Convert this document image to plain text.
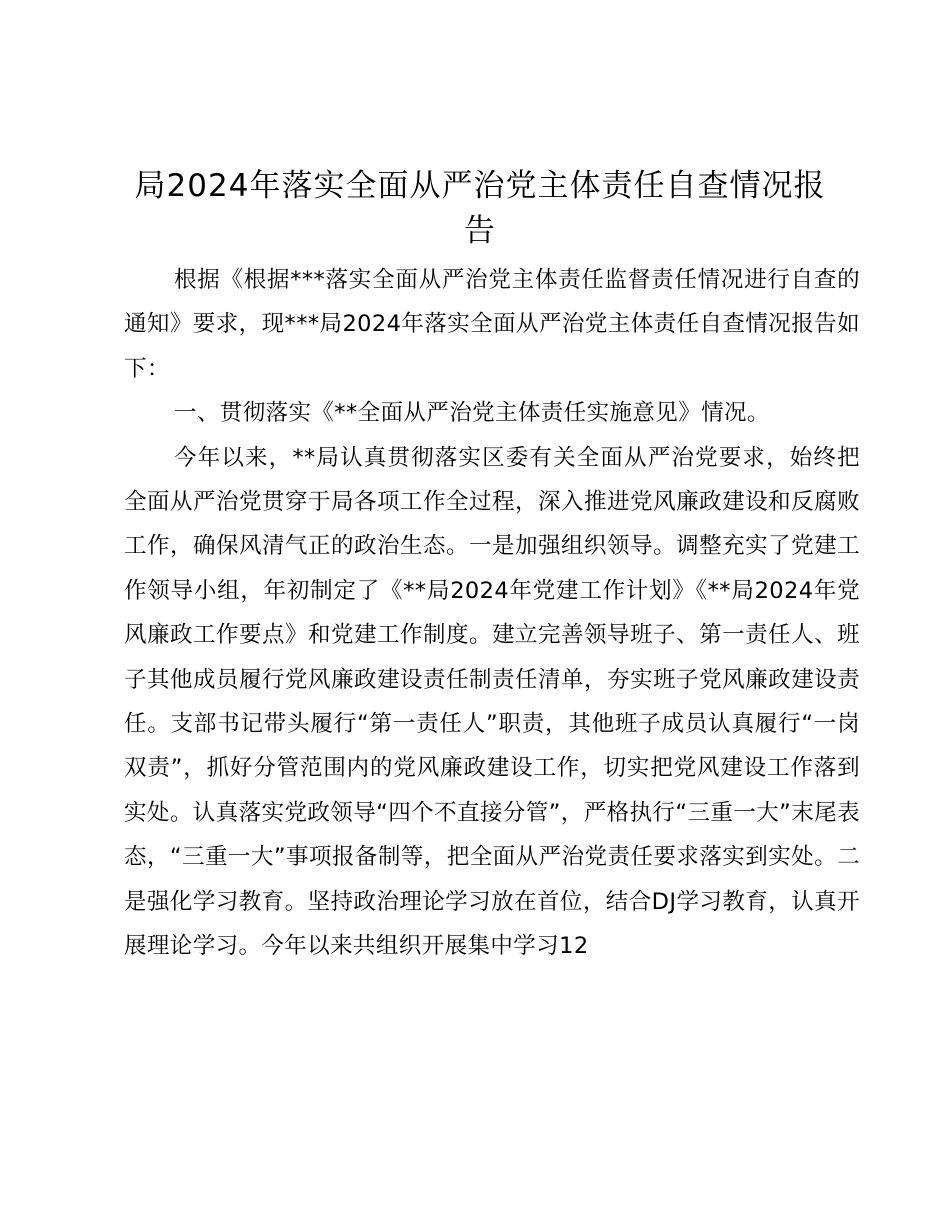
局2024年落实全面从严治党主体责任自查情况报告

根据《根据***落实全面从严治党主体责任监督责任情况进行自查的通知》要求，现***局2024年落实全面从严治党主体责任自查情况报告如下：

一、贯彻落实《**全面从严治党主体责任实施意见》情况。

今年以来，**局认真贯彻落实区委有关全面从严治党要求，始终把全面从严治党贯穿于局各项工作全过程，深入推进党风廉政建设和反腐败工作，确保风清气正的政治生态。一是加强组织领导。调整充实了党建工作领导小组，年初制定了《**局2024年党建工作计划》《**局2024年党风廉政工作要点》和党建工作制度。建立完善领导班子、第一责任人、班子其他成员履行党风廉政建设责任制责任清单，夯实班子党风廉政建设责任。支部书记带头履行“第一责任人”职责，其他班子成员认真履行“一岗双责”，抓好分管范围内的党风廉政建设工作，切实把党风建设工作落到实处。认真落实党政领导“四个不直接分管”，严格执行“三重一大”末尾表态，“三重一大”事项报备制等，把全面从严治党责任要求落实到实处。二是强化学习教育。坚持政治理论学习放在首位，结合DJ学习教育，认真开展理论学习。今年以来共组织开展集中学习12
